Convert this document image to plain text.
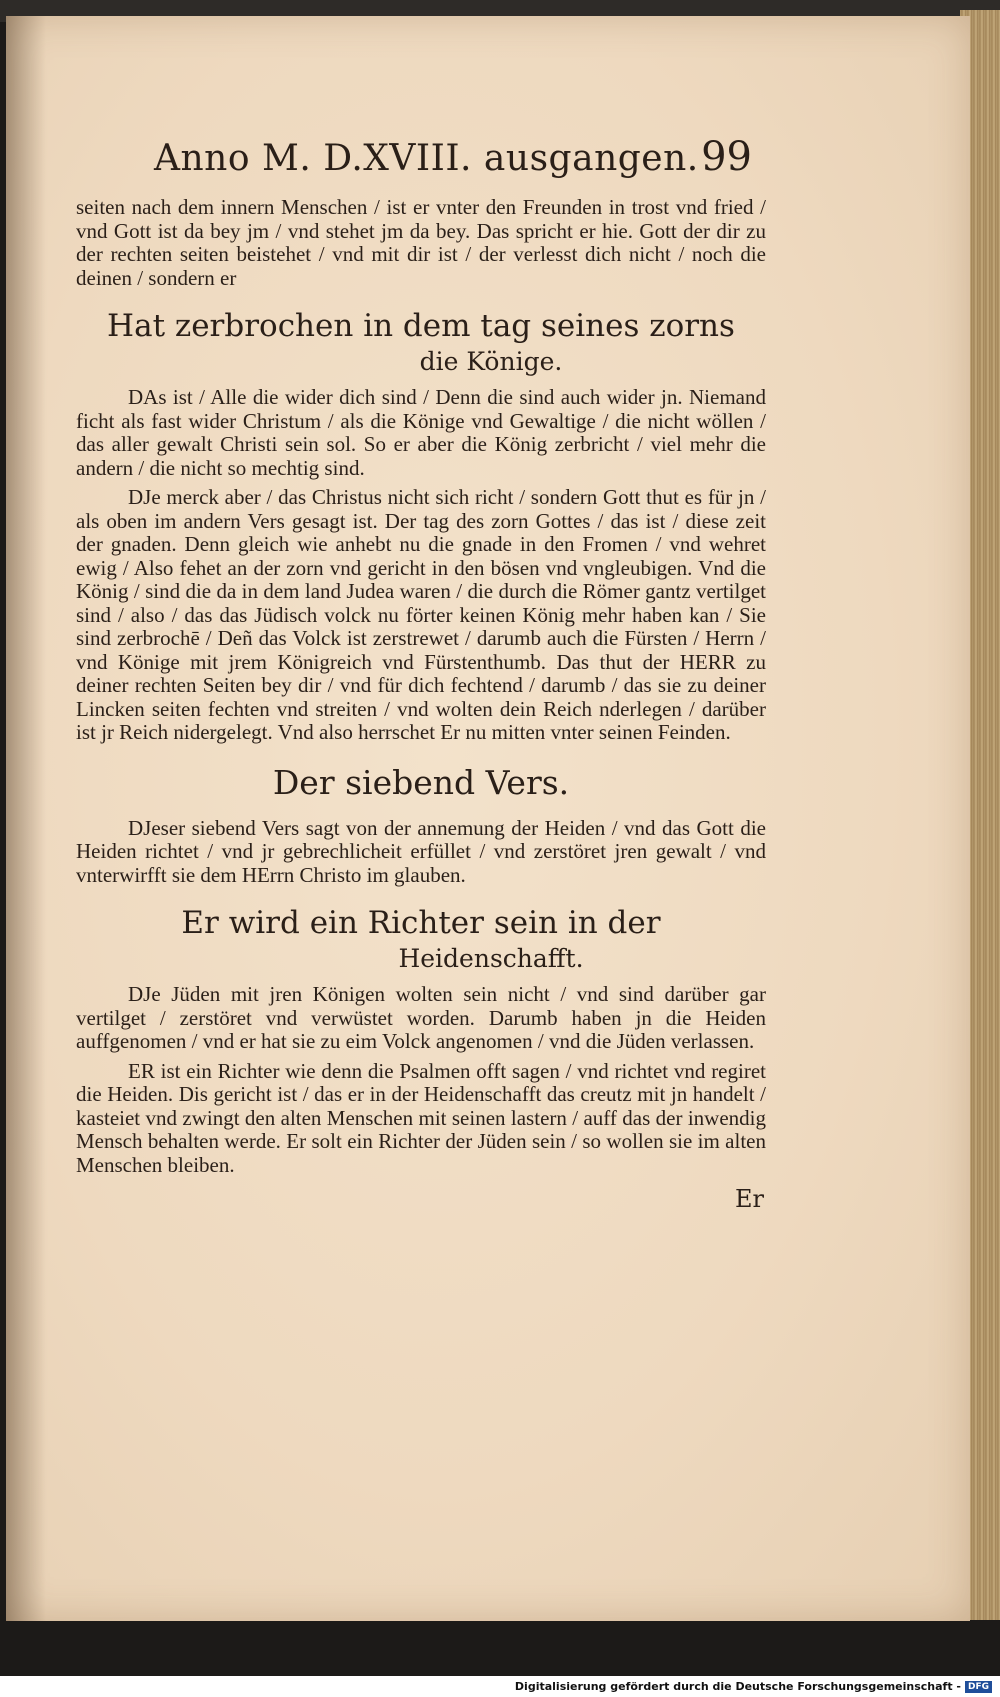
Anno M. D.XVIII. ausgangen. 99

seiten nach dem innern Menschen / ist er vnter den Freunden in trost vnd fried / vnd Gott ist da bey jm / vnd stehet jm da bey. Das spricht er hie. Gott der dir zu der rechten seiten beistehet / vnd mit dir ist / der verlesst dich nicht / noch die deinen / sondern er

Hat zerbrochen in dem tag seines zorns
die Könige.

DAs ist / Alle die wider dich sind / Denn die sind auch wider jn. Niemand ficht als fast wider Christum / als die Könige vnd Gewaltige / die nicht wöllen / das aller gewalt Christi sein sol. So er aber die König zerbricht / viel mehr die andern / die nicht so mechtig sind.

DJe merck aber / das Christus nicht sich richt / sondern Gott thut es für jn / als oben im andern Vers gesagt ist. Der tag des zorn Gottes / das ist / diese zeit der gnaden. Denn gleich wie anhebt nu die gnade in den Fromen / vnd wehret ewig / Also fehet an der zorn vnd gericht in den bösen vnd vngleubigen. Vnd die König / sind die da in dem land Judea waren / die durch die Römer gantz vertilget sind / also / das das Jüdisch volck nu förter keinen König mehr haben kan / Sie sind zerbrochē / Deñ das Volck ist zerstrewet / darumb auch die Fürsten / Herrn / vnd Könige mit jrem Königreich vnd Fürstenthumb. Das thut der HERR zu deiner rechten Seiten bey dir / vnd für dich fechtend / darumb / das sie zu deiner Lincken seiten fechten vnd streiten / vnd wolten dein Reich nderlegen / darüber ist jr Reich nidergelegt. Vnd also herrschet Er nu mitten vnter seinen Feinden.

Der siebend Vers.

DJeser siebend Vers sagt von der annemung der Heiden / vnd das Gott die Heiden richtet / vnd jr gebrechlicheit erfüllet / vnd zerstöret jren gewalt / vnd vnterwirfft sie dem HErrn Christo im glauben.

Er wird ein Richter sein in der
Heidenschafft.

DJe Jüden mit jren Königen wolten sein nicht / vnd sind darüber gar vertilget / zerstöret vnd verwüstet worden. Darumb haben jn die Heiden auffgenomen / vnd er hat sie zu eim Volck angenomen / vnd die Jüden verlassen.

ER ist ein Richter wie denn die Psalmen offt sagen / vnd richtet vnd regiret die Heiden. Dis gericht ist / das er in der Heidenschafft das creutz mit jn handelt / kasteiet vnd zwingt den alten Menschen mit seinen lastern / auff das der inwendig Mensch behalten werde. Er solt ein Richter der Jüden sein / so wollen sie im alten Menschen bleiben.

Er
Digitalisierung gefördert durch die Deutsche Forschungsgemeinschaft - DFG
